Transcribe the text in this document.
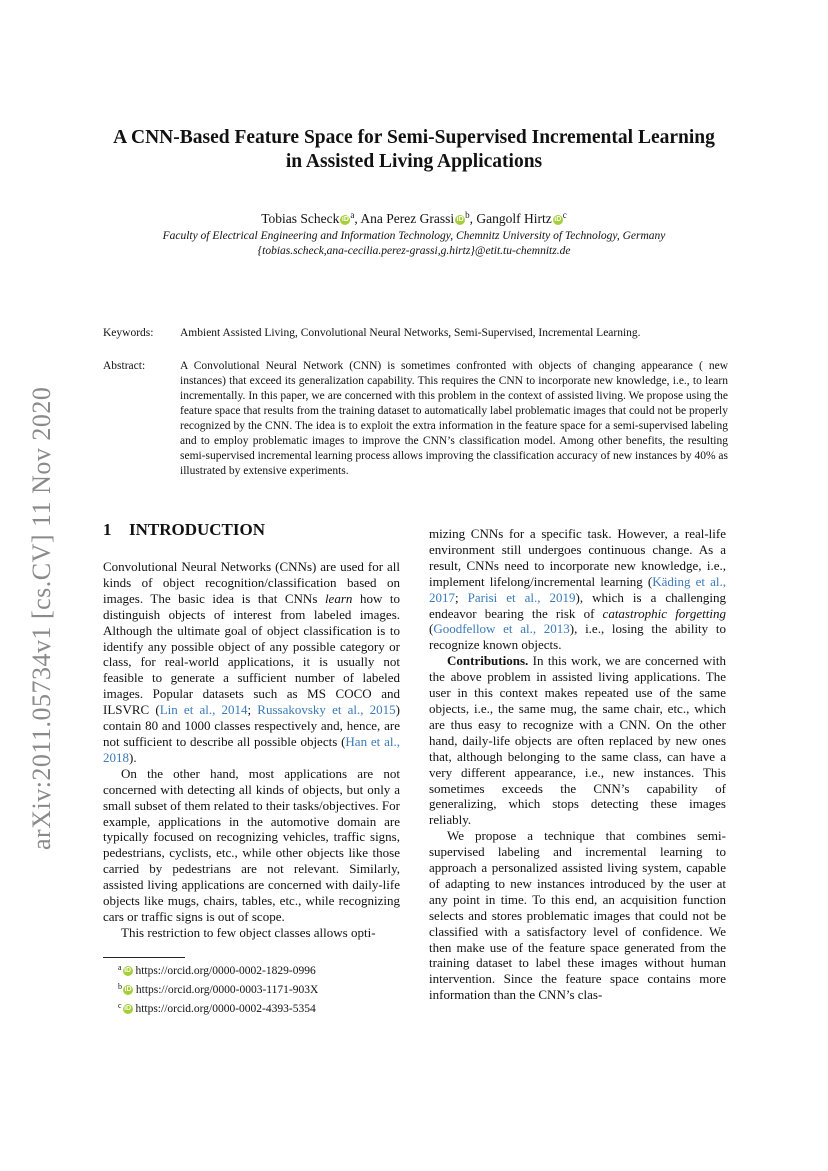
arXiv:2011.05734v1 [cs.CV] 11 Nov 2020
A CNN-Based Feature Space for Semi-Supervised Incremental Learning
in Assisted Living Applications
Tobias Scheck iD $^a$, Ana Perez Grassi iD $^b$, Gangolf Hirtz iD $^c$
Faculty of Electrical Engineering and Information Technology, Chemnitz University of Technology, Germany
{tobias.scheck,ana-cecilia.perez-grassi,g.hirtz}@etit.tu-chemnitz.de
Keywords: Ambient Assisted Living, Convolutional Neural Networks, Semi-Supervised, Incremental Learning.
Abstract:	A Convolutional Neural Network (CNN) is sometimes confronted with objects of changing appearance ( new instances) that exceed its generalization capability. This requires the CNN to incorporate new knowledge, i.e., to learn incrementally. In this paper, we are concerned with this problem in the context of assisted living. We propose using the feature space that results from the training dataset to automatically label problematic images that could not be properly recognized by the CNN. The idea is to exploit the extra information in the feature space for a semi-supervised labeling and to employ problematic images to improve the CNN’s classification model. Among other benefits, the resulting semi-supervised incremental learning process allows improving the classification accuracy of new instances by 40% as illustrated by extensive experiments.
1 INTRODUCTION

Convolutional Neural Networks (CNNs) are used for all kinds of object recognition/classification based on images. The basic idea is that CNNs learn how to distinguish objects of interest from labeled images. Although the ultimate goal of object classification is to identify any possible object of any possible category or class, for real-world applications, it is usually not feasible to generate a sufficient number of labeled images. Popular datasets such as MS COCO and ILSVRC (Lin et al., 2014; Russakovsky et al., 2015) contain 80 and 1000 classes respectively and, hence, are not sufficient to describe all possible objects (Han et al., 2018).

On the other hand, most applications are not concerned with detecting all kinds of objects, but only a small subset of them related to their tasks/objectives. For example, applications in the automotive domain are typically focused on recognizing vehicles, traffic signs, pedestrians, cyclists, etc., while other objects like those carried by pedestrians are not relevant. Similarly, assisted living applications are concerned with daily-life objects like mugs, chairs, tables, etc., while recognizing cars or traffic signs is out of scope.

This restriction to few object classes allows opti-

$^a$ iD https://orcid.org/0000-0002-1829-0996
$^b$ iD https://orcid.org/0000-0003-1171-903X
$^c$ iD https://orcid.org/0000-0002-4393-5354

mizing CNNs for a specific task. However, a real-life environment still undergoes continuous change. As a result, CNNs need to incorporate new knowledge, i.e., implement lifelong/incremental learning (Käding et al., 2017; Parisi et al., 2019), which is a challenging endeavor bearing the risk of catastrophic forgetting (Goodfellow et al., 2013), i.e., losing the ability to recognize known objects.

Contributions. In this work, we are concerned with the above problem in assisted living applications. The user in this context makes repeated use of the same objects, i.e., the same mug, the same chair, etc., which are thus easy to recognize with a CNN. On the other hand, daily-life objects are often replaced by new ones that, although belonging to the same class, can have a very different appearance, i.e., new instances. This sometimes exceeds the CNN’s capability of generalizing, which stops detecting these images reliably.

We propose a technique that combines semi-supervised labeling and incremental learning to approach a personalized assisted living system, capable of adapting to new instances introduced by the user at any point in time. To this end, an acquisition function selects and stores problematic images that could not be classified with a satisfactory level of confidence. We then make use of the feature space generated from the training dataset to label these images without human intervention. Since the feature space contains more information than the CNN’s clas-
